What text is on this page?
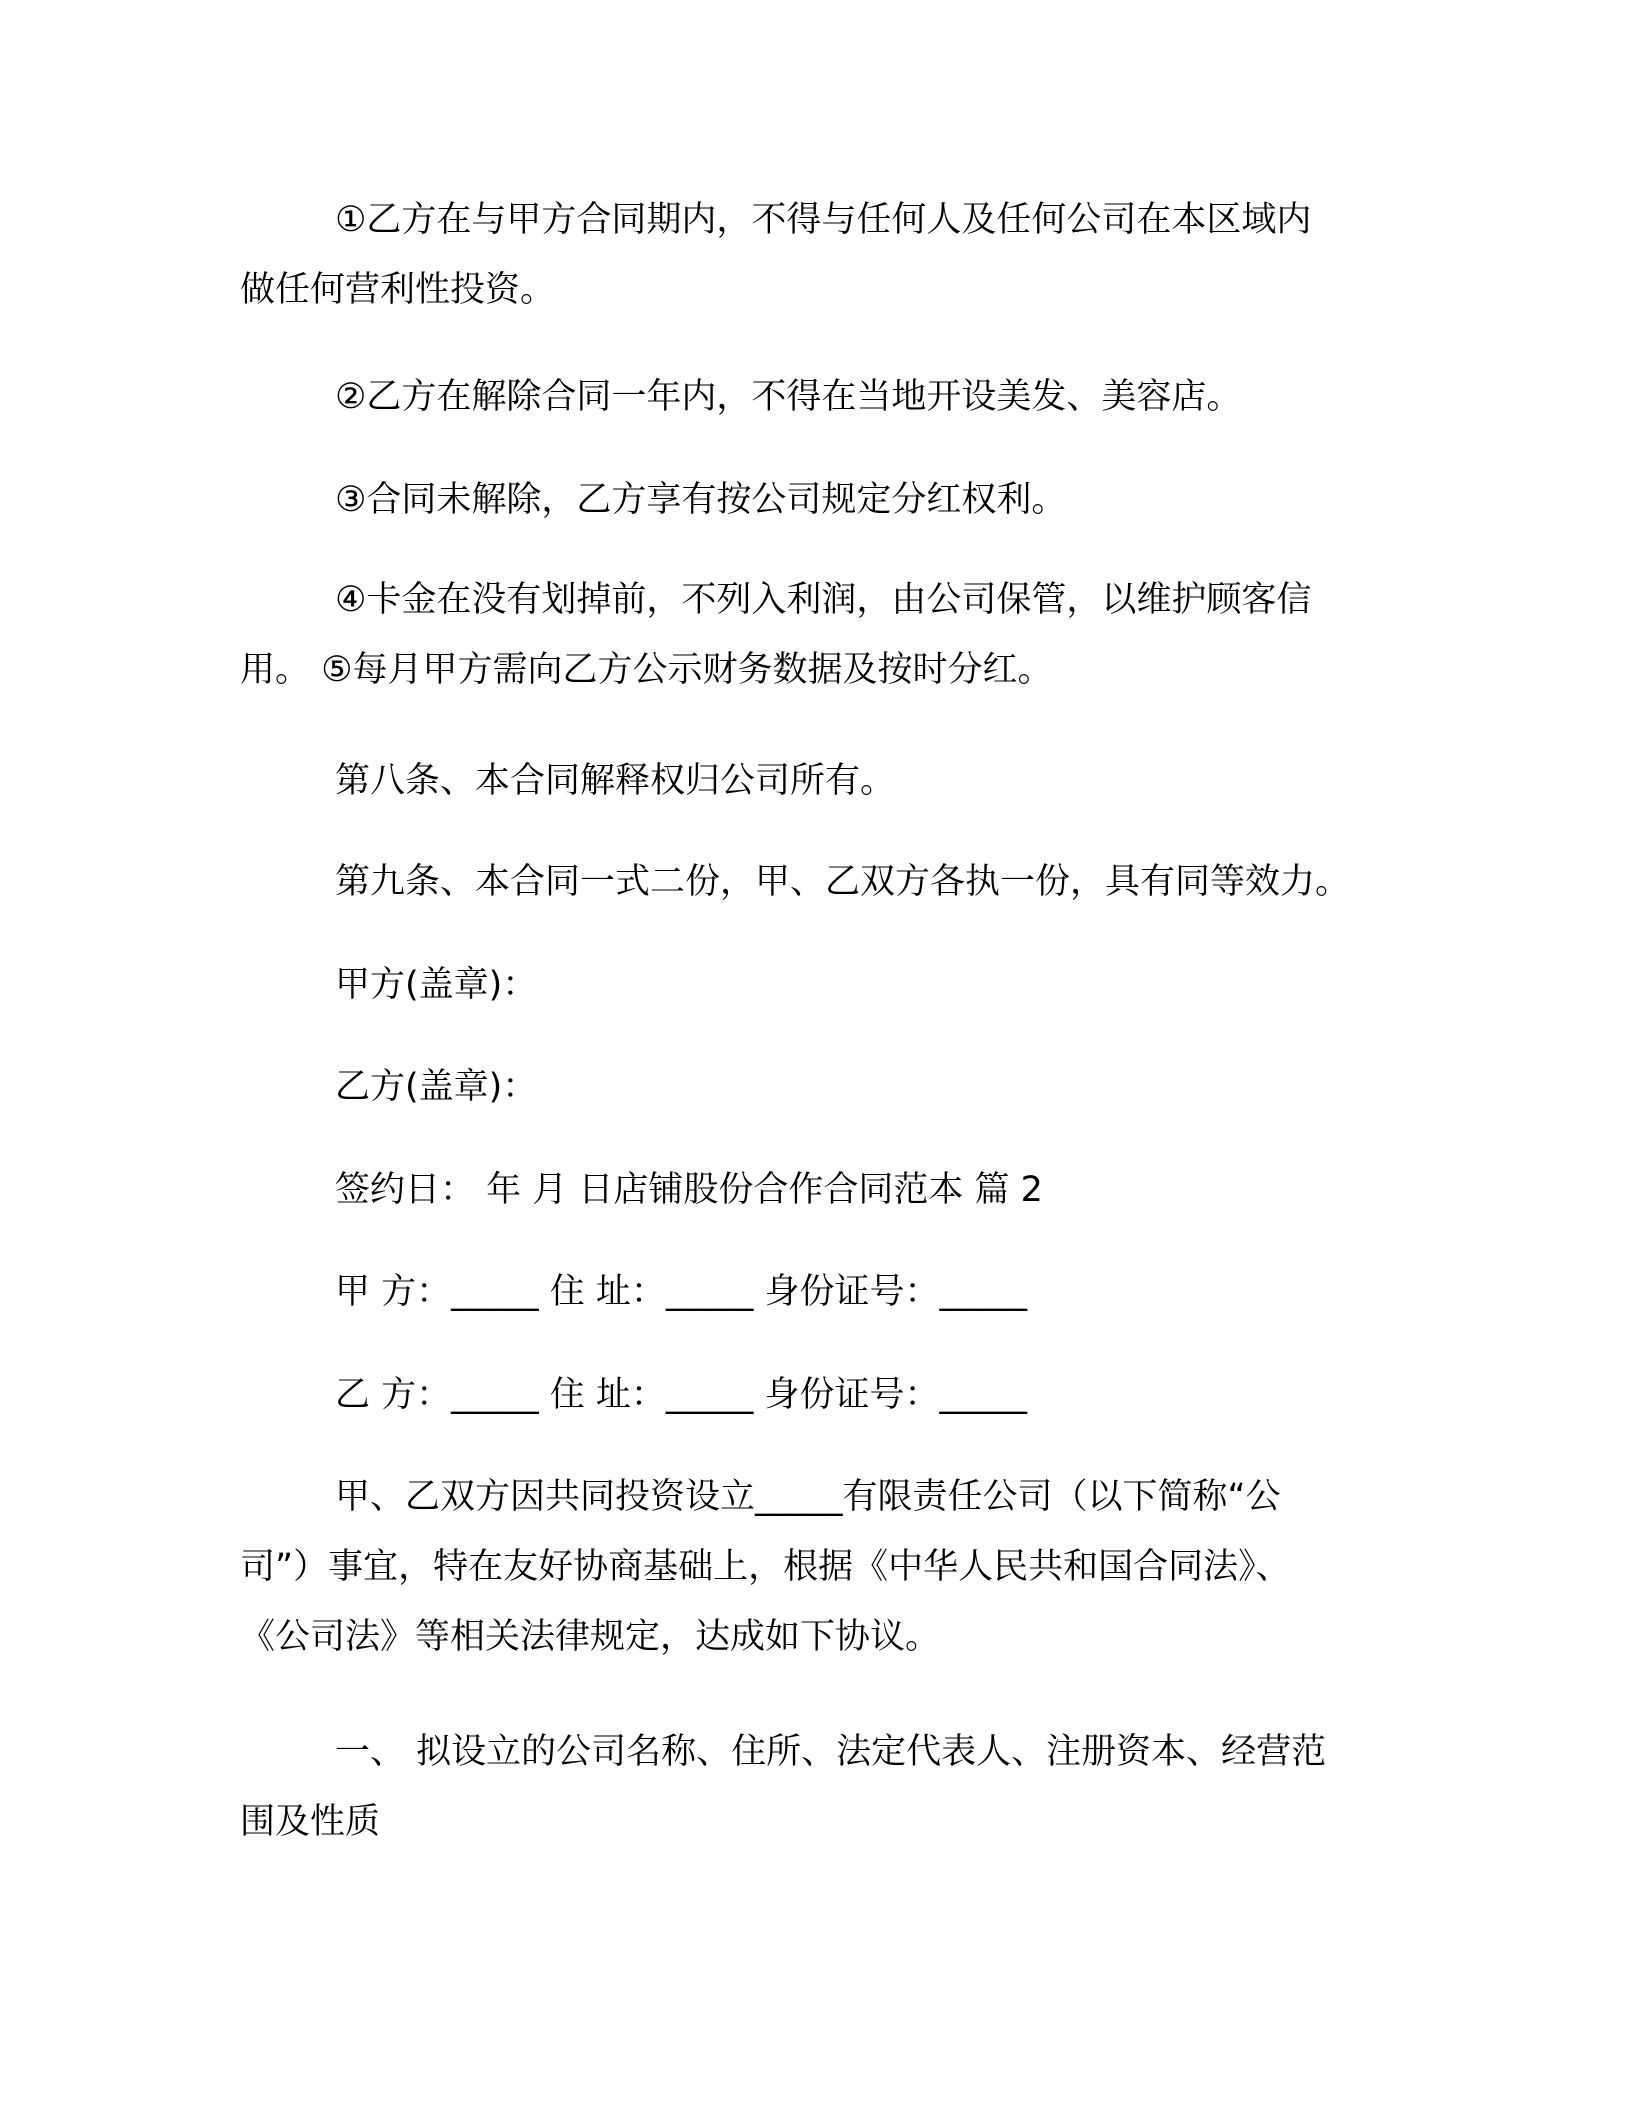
①乙方在与甲方合同期内，不得与任何人及任何公司在本区域内
做任何营利性投资。
②乙方在解除合同一年内，不得在当地开设美发、美容店。
③合同未解除，乙方享有按公司规定分红权利。
④卡金在没有划掉前，不列入利润，由公司保管，以维护顾客信
用。 ⑤每月甲方需向乙方公示财务数据及按时分红。
第八条、本合同解释权归公司所有。
第九条、本合同一式二份，甲、乙双方各执一份，具有同等效力。
甲方(盖章)：
乙方(盖章)：
签约日： 年 月 日店铺股份合作合同范本 篇 2
甲 方：_____ 住 址：_____ 身份证号：_____
乙 方：_____ 住 址：_____ 身份证号：_____
甲、乙双方因共同投资设立_____有限责任公司（以下简称“公
司”）事宜，特在友好协商基础上，根据《中华人民共和国合同法》、
《公司法》等相关法律规定，达成如下协议。
一、 拟设立的公司名称、住所、法定代表人、注册资本、经营范
围及性质
